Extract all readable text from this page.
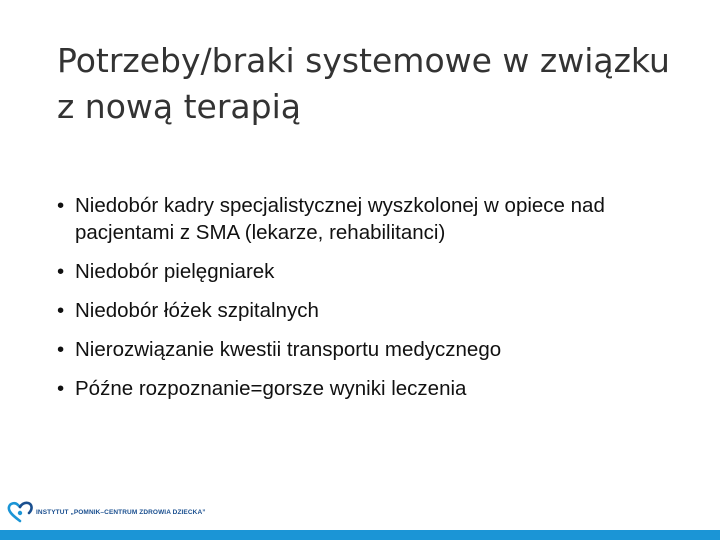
Potrzeby/braki systemowe w związku z nową terapią
• Niedobór kadry specjalistycznej wyszkolonej w opiece nad pacjentami z SMA (lekarze, rehabilitanci)
• Niedobór pielęgniarek
• Niedobór łóżek szpitalnych
• Nierozwiązanie kwestii transportu medycznego
• Późne rozpoznanie=gorsze wyniki leczenia
INSTYTUT „POMNIK–CENTRUM ZDROWIA DZIECKA”
